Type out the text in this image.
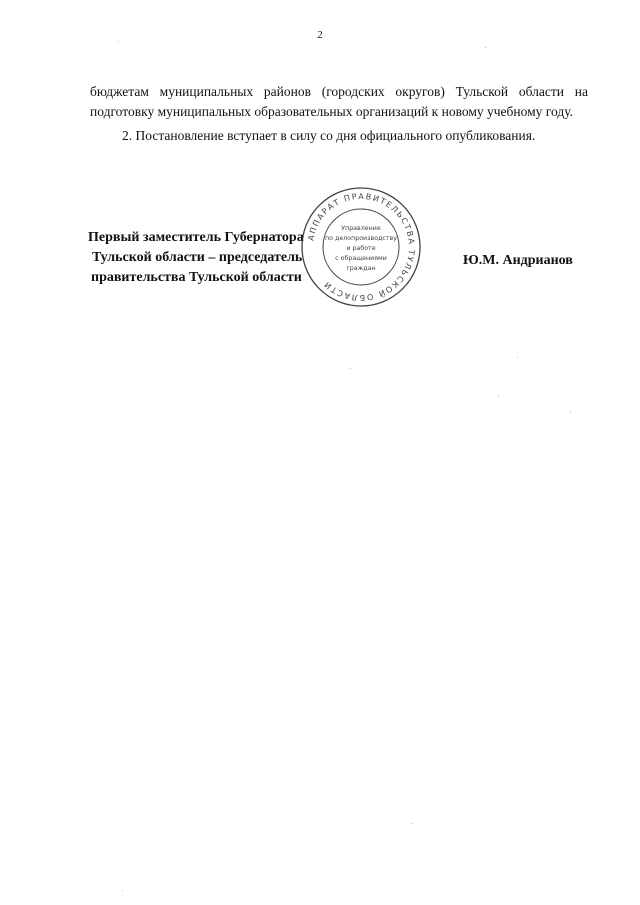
2

бюджетам муниципальных районов (городских округов) Тульской области на подготовку муниципальных образовательных организаций к новому учебному году.

2. Постановление вступает в силу со дня официального опубликования.

Первый заместитель Губернатора
Тульской области – председатель
правительства Тульской области
Ю.М. Андрианов
АППАРАТ ПРАВИТЕЛЬСТВА ТУЛЬСКОЙ ОБЛАСТИ
Управление
по делопроизводству
и работе
с обращениями
граждан
